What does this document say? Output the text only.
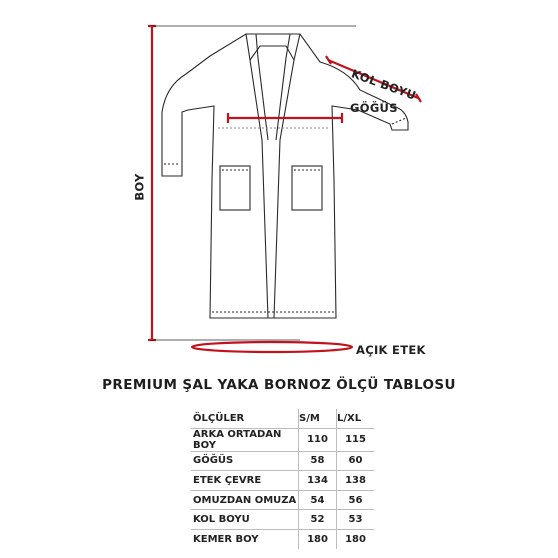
BOY
KOL BOYU
GÖĞÜS
AÇIK ETEK
PREMIUM ŞAL YAKA BORNOZ ÖLÇÜ TABLOSU
ÖLÇÜLER	S/M	L/XL
ARKA ORTADAN BOY	110	115
GÖĞÜS	58	60
ETEK ÇEVRE	134	138
OMUZDAN OMUZA	54	56
KOL BOYU	52	53
KEMER BOY	180	180
